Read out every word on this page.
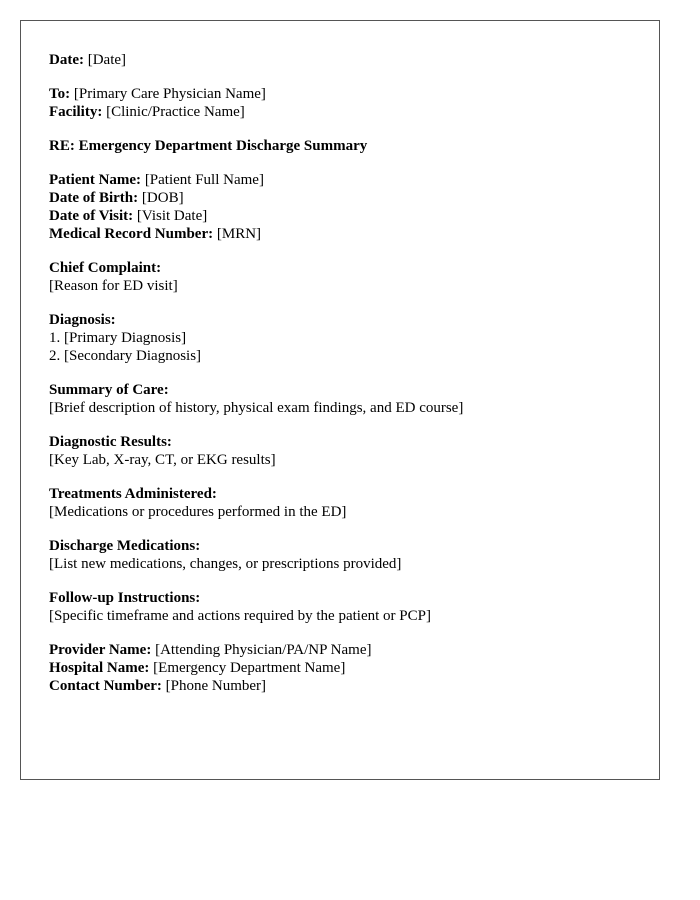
Date: [Date]
To: [Primary Care Physician Name]
Facility: [Clinic/Practice Name]
RE: Emergency Department Discharge Summary
Patient Name: [Patient Full Name]
Date of Birth: [DOB]
Date of Visit: [Visit Date]
Medical Record Number: [MRN]
Chief Complaint:
[Reason for ED visit]
Diagnosis:
1. [Primary Diagnosis]
2. [Secondary Diagnosis]
Summary of Care:
[Brief description of history, physical exam findings, and ED course]
Diagnostic Results:
[Key Lab, X-ray, CT, or EKG results]
Treatments Administered:
[Medications or procedures performed in the ED]
Discharge Medications:
[List new medications, changes, or prescriptions provided]
Follow-up Instructions:
[Specific timeframe and actions required by the patient or PCP]
Provider Name: [Attending Physician/PA/NP Name]
Hospital Name: [Emergency Department Name]
Contact Number: [Phone Number]
